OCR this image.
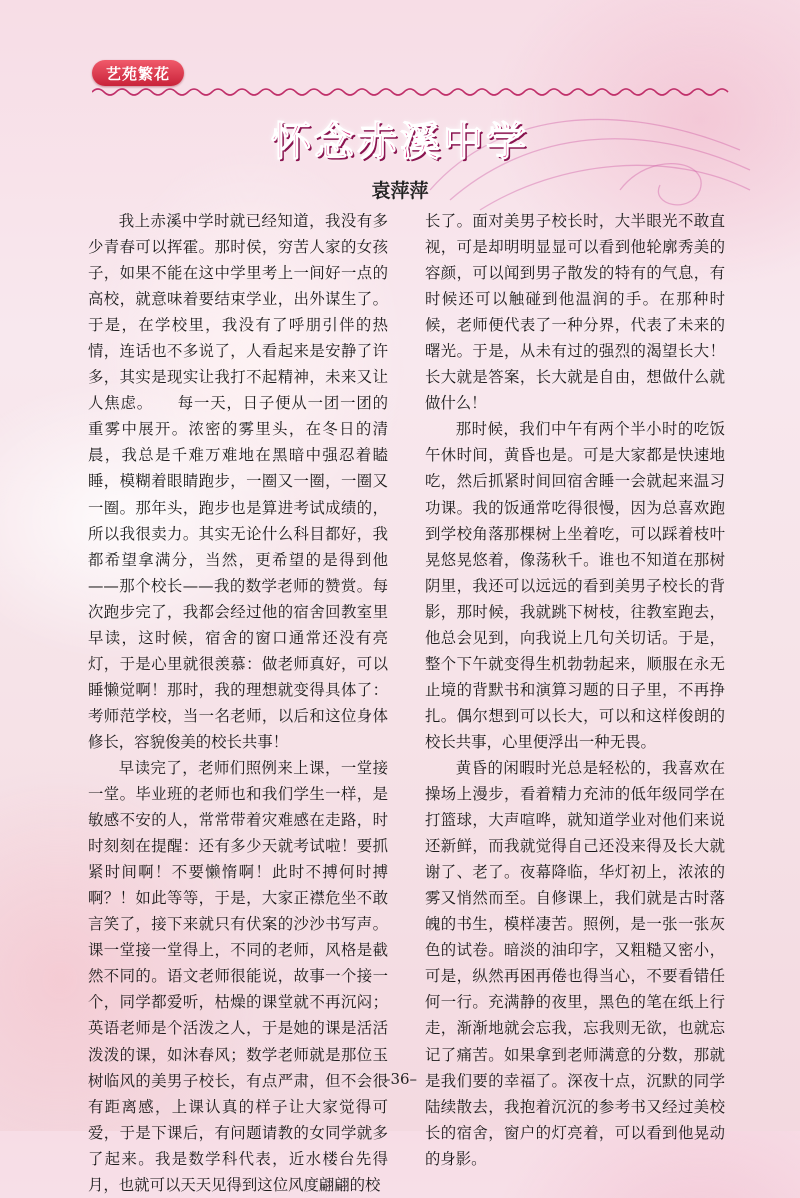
艺苑繁花
怀念赤溪中学
袁萍萍

我上赤溪中学时就已经知道，我没有多少青春可以挥霍。那时侯，穷苦人家的女孩子，如果不能在这中学里考上一间好一点的高校，就意味着要结束学业，出外谋生了。于是，在学校里，我没有了呼朋引伴的热情，连话也不多说了，人看起来是安静了许多，其实是现实让我打不起精神，未来又让人焦虑。　　每一天，日子便从一团一团的重雾中展开。浓密的雾里头，在冬日的清晨，我总是千难万难地在黑暗中强忍着瞌睡，模糊着眼睛跑步，一圈又一圈，一圈又一圈。那年头，跑步也是算进考试成绩的，所以我很卖力。其实无论什么科目都好，我都希望拿满分，当然，更希望的是得到他——那个校长——我的数学老师的赞赏。每次跑步完了，我都会经过他的宿舍回教室里早读，这时候，宿舍的窗口通常还没有亮灯，于是心里就很羡慕：做老师真好，可以睡懒觉啊！那时，我的理想就变得具体了：考师范学校，当一名老师，以后和这位身体修长，容貌俊美的校长共事！

早读完了，老师们照例来上课，一堂接一堂。毕业班的老师也和我们学生一样，是敏感不安的人，常常带着灾难感在走路，时时刻刻在提醒：还有多少天就考试啦！要抓紧时间啊！不要懒惰啊！此时不搏何时搏啊？！如此等等，于是，大家正襟危坐不敢言笑了，接下来就只有伏案的沙沙书写声。课一堂接一堂得上，不同的老师，风格是截然不同的。语文老师很能说，故事一个接一个，同学都爱听，枯燥的课堂就不再沉闷；英语老师是个活泼之人，于是她的课是活活泼泼的课，如沐春风；数学老师就是那位玉树临风的美男子校长，有点严肃，但不会很有距离感，上课认真的样子让大家觉得可爱，于是下课后，有问题请教的女同学就多了起来。我是数学科代表，近水楼台先得月，也就可以天天见得到这位风度翩翩的校

长了。面对美男子校长时，大半眼光不敢直视，可是却明明显显可以看到他轮廓秀美的容颜，可以闻到男子散发的特有的气息，有时候还可以触碰到他温润的手。在那种时候，老师便代表了一种分界，代表了未来的曙光。于是，从未有过的强烈的渴望长大！长大就是答案，长大就是自由，想做什么就做什么！

那时候，我们中午有两个半小时的吃饭午休时间，黄昏也是。可是大家都是快速地吃，然后抓紧时间回宿舍睡一会就起来温习功课。我的饭通常吃得很慢，因为总喜欢跑到学校角落那棵树上坐着吃，可以踩着枝叶晃悠晃悠着，像荡秋千。谁也不知道在那树阴里，我还可以远远的看到美男子校长的背影，那时候，我就跳下树枝，往教室跑去，他总会见到，向我说上几句关切话。于是，整个下午就变得生机勃勃起来，顺服在永无止境的背默书和演算习题的日子里，不再挣扎。偶尔想到可以长大，可以和这样俊朗的校长共事，心里便浮出一种无畏。

黄昏的闲暇时光总是轻松的，我喜欢在操场上漫步，看着精力充沛的低年级同学在打篮球，大声喧哗，就知道学业对他们来说还新鲜，而我就觉得自己还没来得及长大就谢了、老了。夜幕降临，华灯初上，浓浓的雾又悄然而至。自修课上，我们就是古时落魄的书生，模样凄苦。照例，是一张一张灰色的试卷。暗淡的油印字，又粗糙又密小，可是，纵然再困再倦也得当心，不要看错任何一行。充满静的夜里，黑色的笔在纸上行走，渐渐地就会忘我，忘我则无欲，也就忘记了痛苦。如果拿到老师满意的分数，那就是我们要的幸福了。深夜十点，沉默的同学陆续散去，我抱着沉沉的参考书又经过美校长的宿舍，窗户的灯亮着，可以看到他晃动的身影。

–36–
